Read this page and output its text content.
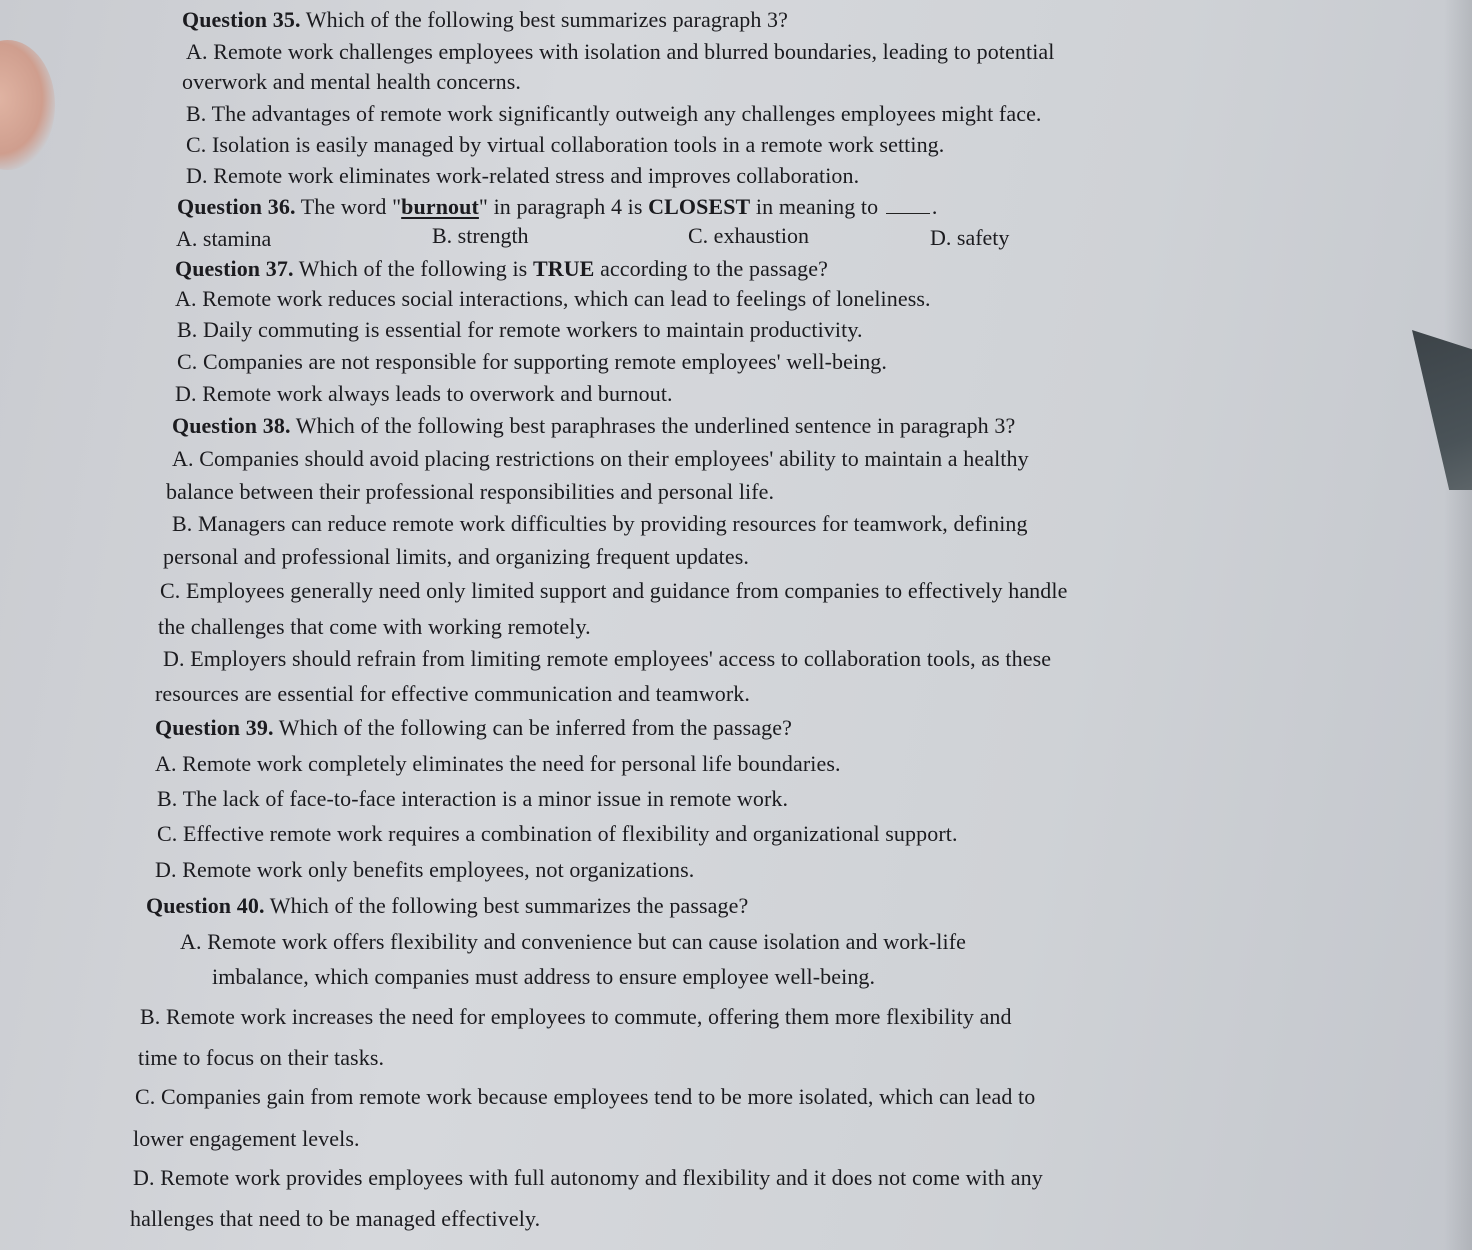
Question 35. Which of the following best summarizes paragraph 3?
A. Remote work challenges employees with isolation and blurred boundaries, leading to potential
overwork and mental health concerns.
B. The advantages of remote work significantly outweigh any challenges employees might face.
C. Isolation is easily managed by virtual collaboration tools in a remote work setting.
D. Remote work eliminates work-related stress and improves collaboration.
Question 36. The word "burnout" in paragraph 4 is CLOSEST in meaning to .
A. stamina	B. strength	C. exhaustion	D. safety
Question 37. Which of the following is TRUE according to the passage?
A. Remote work reduces social interactions, which can lead to feelings of loneliness.
B. Daily commuting is essential for remote workers to maintain productivity.
C. Companies are not responsible for supporting remote employees' well-being.
D. Remote work always leads to overwork and burnout.
Question 38. Which of the following best paraphrases the underlined sentence in paragraph 3?
A. Companies should avoid placing restrictions on their employees' ability to maintain a healthy
balance between their professional responsibilities and personal life.
B. Managers can reduce remote work difficulties by providing resources for teamwork, defining
personal and professional limits, and organizing frequent updates.
C. Employees generally need only limited support and guidance from companies to effectively handle
the challenges that come with working remotely.
D. Employers should refrain from limiting remote employees' access to collaboration tools, as these
resources are essential for effective communication and teamwork.
Question 39. Which of the following can be inferred from the passage?
A. Remote work completely eliminates the need for personal life boundaries.
B. The lack of face-to-face interaction is a minor issue in remote work.
C. Effective remote work requires a combination of flexibility and organizational support.
D. Remote work only benefits employees, not organizations.
Question 40. Which of the following best summarizes the passage?
A. Remote work offers flexibility and convenience but can cause isolation and work-life
imbalance, which companies must address to ensure employee well-being.
B. Remote work increases the need for employees to commute, offering them more flexibility and
time to focus on their tasks.
C. Companies gain from remote work because employees tend to be more isolated, which can lead to
lower engagement levels.
D. Remote work provides employees with full autonomy and flexibility and it does not come with any
hallenges that need to be managed effectively.
